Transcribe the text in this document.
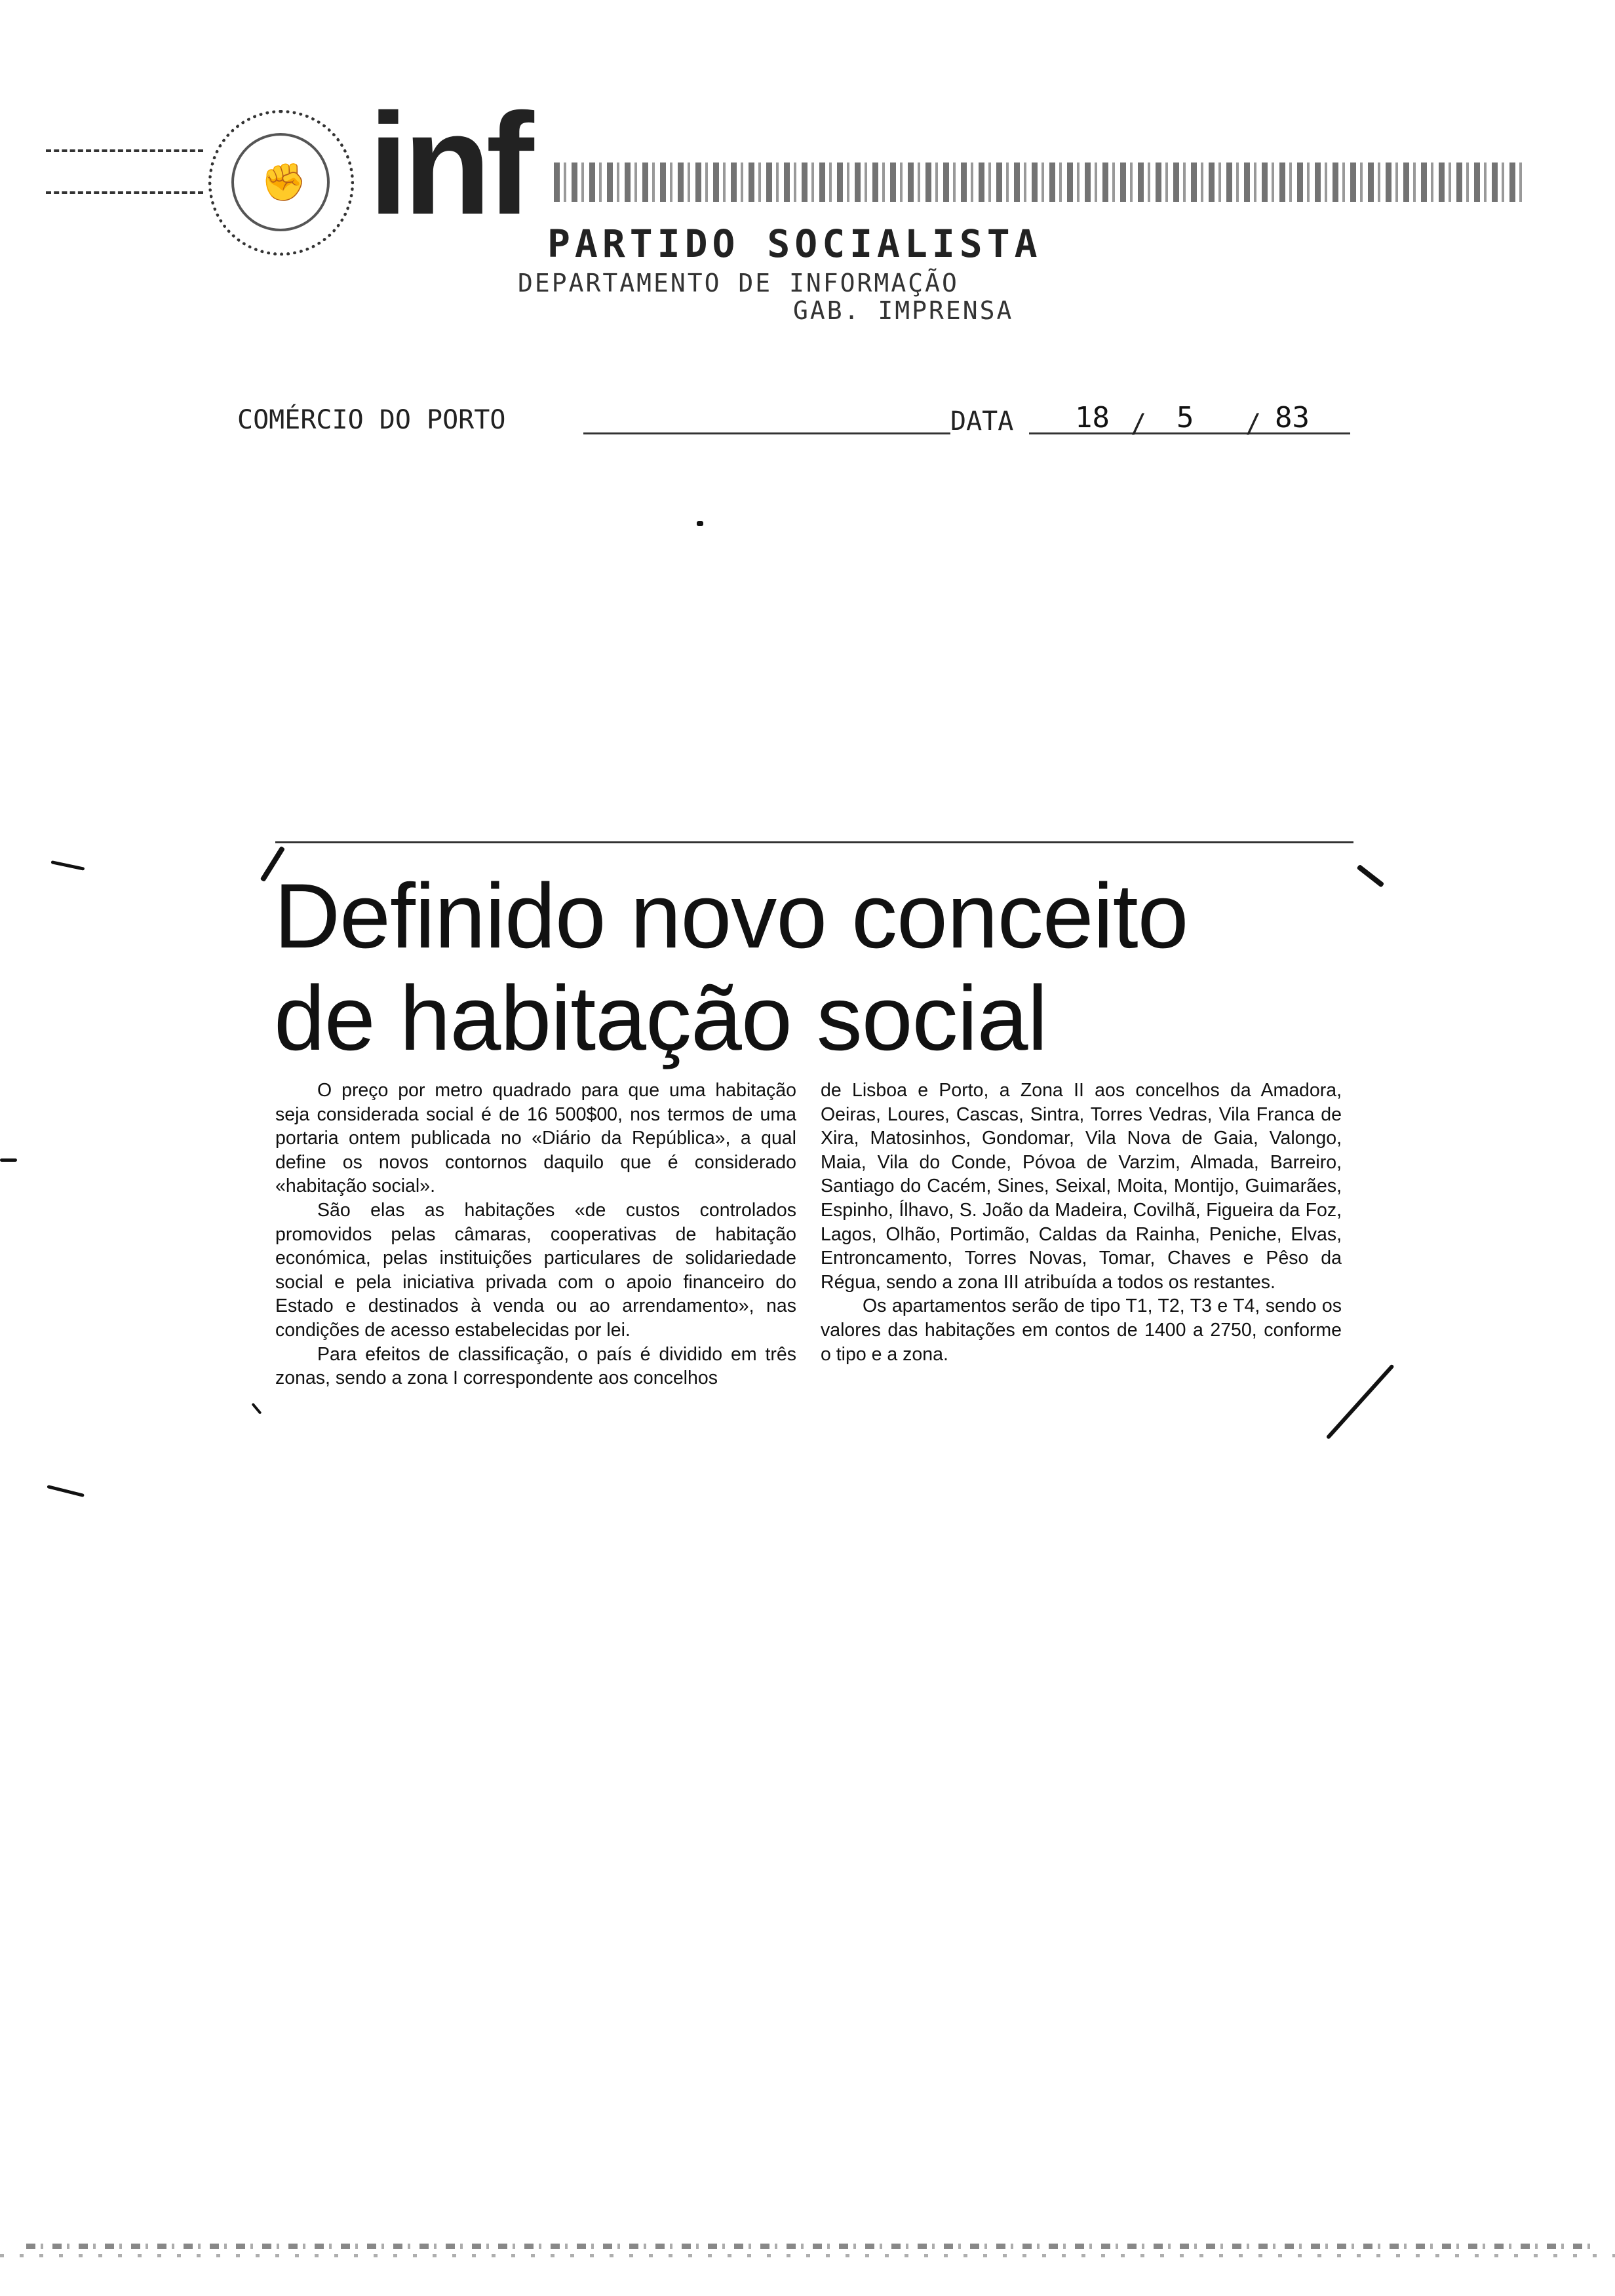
✊ inf PARTIDO SOCIALISTA
DEPARTAMENTO DE INFORMAÇÃO
GAB. IMPRENSA
COMÉRCIO DO PORTO	DATA 18 / 5 / 83
Definido novo conceito
de habitação social

O preço por metro quadrado para que uma habitação seja considerada social é de 16 500$00, nos termos de uma portaria ontem publicada no «Diário da República», a qual define os novos contornos daquilo que é considerado «habitação social».

São elas as habitações «de custos controlados promovidos pelas câmaras, cooperativas de habitação económica, pelas instituições particulares de solidariedade social e pela iniciativa privada com o apoio financeiro do Estado e destinados à venda ou ao arrendamento», nas condições de acesso estabelecidas por lei.

Para efeitos de classificação, o país é dividido em três zonas, sendo a zona I correspondente aos concelhos

de Lisboa e Porto, a Zona II aos concelhos da Amadora, Oeiras, Loures, Cascas, Sintra, Torres Vedras, Vila Franca de Xira, Matosinhos, Gondomar, Vila Nova de Gaia, Valongo, Maia, Vila do Conde, Póvoa de Varzim, Almada, Barreiro, Santiago do Cacém, Sines, Seixal, Moita, Montijo, Guimarães, Espinho, Ílhavo, S. João da Madeira, Covilhã, Figueira da Foz, Lagos, Olhão, Portimão, Caldas da Rainha, Peniche, Elvas, Entroncamento, Torres Novas, Tomar, Chaves e Pêso da Régua, sendo a zona III atribuída a todos os restantes.

Os apartamentos serão de tipo T1, T2, T3 e T4, sendo os valores das habitações em contos de 1400 a 2750, conforme o tipo e a zona.
